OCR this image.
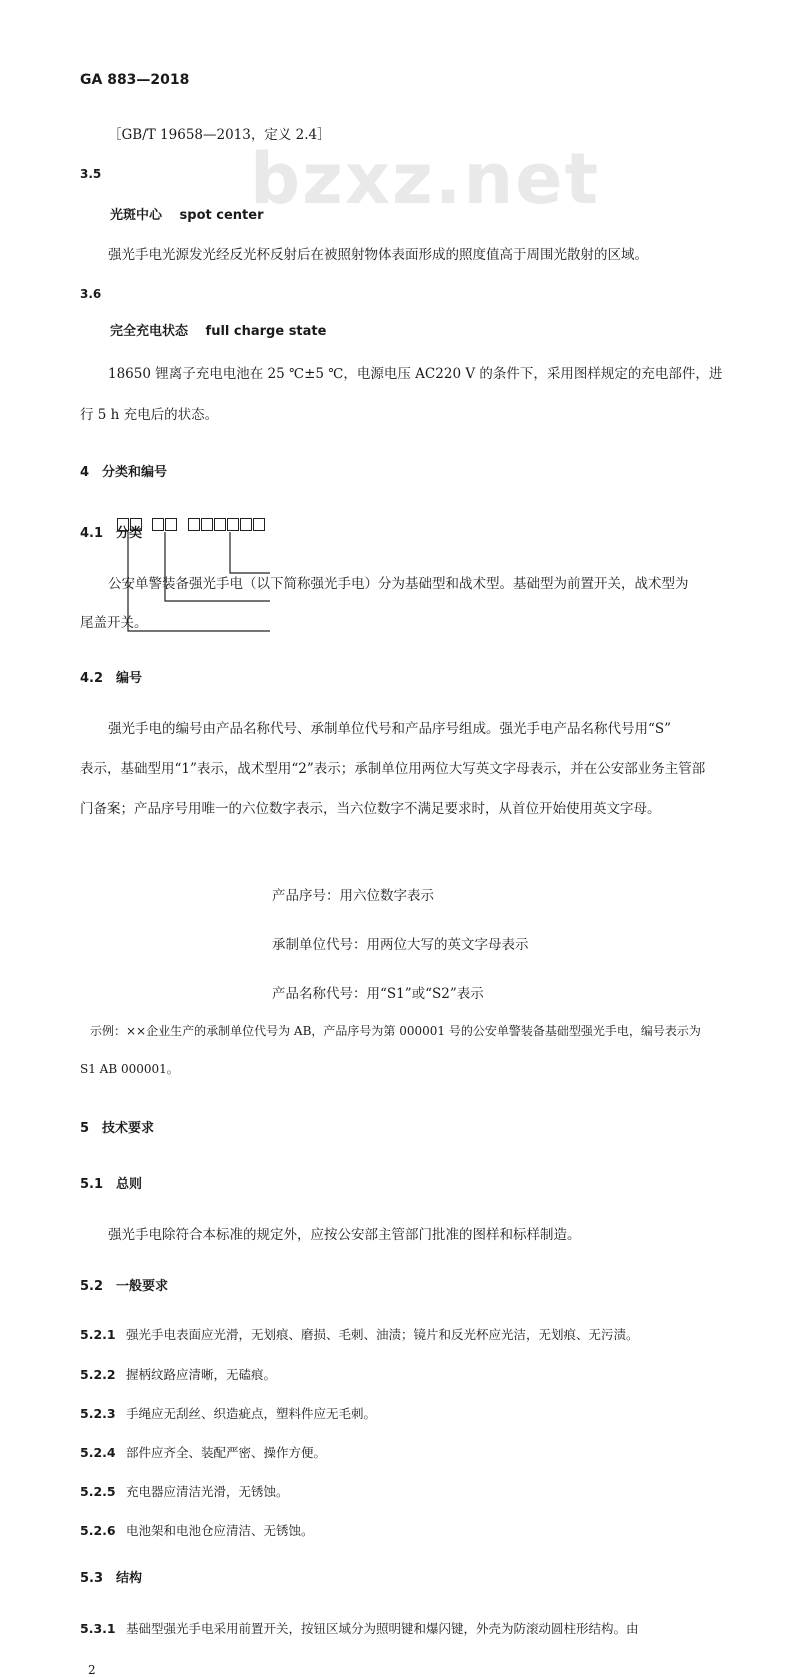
bzxz.net
GA 883—2018
［GB/T 19658—2013，定义 2.4］
3.5
光斑中心　 spot center
强光手电光源发光经反光杯反射后在被照射物体表面形成的照度值高于周围光散射的区域。
3.6
完全充电状态　 full charge state
18650 锂离子充电电池在 25 ℃±5 ℃，电源电压 AC220 V 的条件下，采用图样规定的充电部件，进
行 5 h 充电后的状态。
4　分类和编号
4.1　分类
公安单警装备强光手电（以下简称强光手电）分为基础型和战术型。基础型为前置开关，战术型为
尾盖开关。
4.2　编号
强光手电的编号由产品名称代号、承制单位代号和产品序号组成。强光手电产品名称代号用“S”
表示，基础型用“1”表示，战术型用“2”表示；承制单位用两位大写英文字母表示，并在公安部业务主管部
门备案；产品序号用唯一的六位数字表示，当六位数字不满足要求时，从首位开始使用英文字母。
产品序号：用六位数字表示
承制单位代号：用两位大写的英文字母表示
产品名称代号：用“S1”或“S2”表示
示例：××企业生产的承制单位代号为 AB，产品序号为第 000001 号的公安单警装备基础型强光手电，编号表示为
S1 AB 000001。
5　技术要求
5.1　总则
强光手电除符合本标准的规定外，应按公安部主管部门批准的图样和标样制造。
5.2　一般要求
5.2.1 强光手电表面应光滑，无划痕、磨损、毛刺、油渍；镜片和反光杯应光洁，无划痕、无污渍。
5.2.2 握柄纹路应清晰，无磕痕。
5.2.3 手绳应无刮丝、织造疵点，塑料件应无毛刺。
5.2.4 部件应齐全、装配严密、操作方便。
5.2.5 充电器应清洁光滑，无锈蚀。
5.2.6 电池架和电池仓应清洁、无锈蚀。
5.3　结构
5.3.1 基础型强光手电采用前置开关，按钮区域分为照明键和爆闪键，外壳为防滚动圆柱形结构。由
2
